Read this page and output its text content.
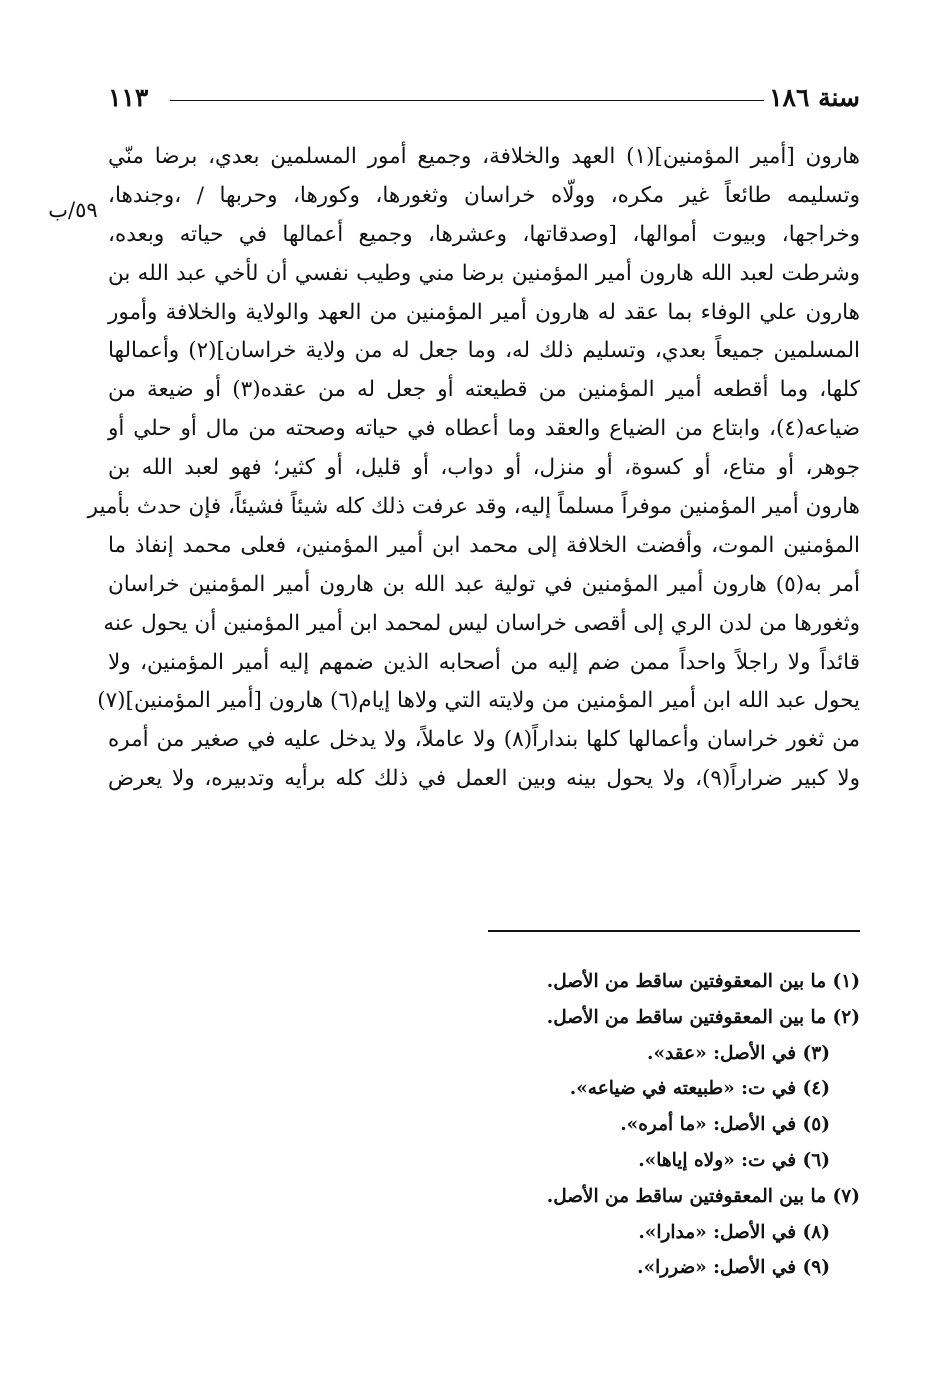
سنة ١٨٦
١١٣
٥٩/ب
هارون [أمير المؤمنين](١) العهد والخلافة، وجميع أمور المسلمين بعدي، برضا منّي
وتسليمه طائعاً غير مكره، وولّاه خراسان وثغورها، وكورها، وحربها / ،وجندها،
وخراجها، وبيوت أموالها، [وصدقاتها، وعشرها، وجميع أعمالها في حياته وبعده،
وشرطت لعبد الله هارون أمير المؤمنين برضا مني وطيب نفسي أن لأخي عبد الله بن
هارون علي الوفاء بما عقد له هارون أمير المؤمنين من العهد والولاية والخلافة وأمور
المسلمين جميعاً بعدي، وتسليم ذلك له، وما جعل له من ولاية خراسان](٢) وأعمالها
كلها، وما أقطعه أمير المؤمنين من قطيعته أو جعل له من عقده(٣) أو ضيعة من
ضياعه(٤)، وابتاع من الضياع والعقد وما أعطاه في حياته وصحته من مال أو حلي أو
جوهر، أو متاع، أو كسوة، أو منزل، أو دواب، أو قليل، أو كثير؛ فهو لعبد الله بن
هارون أمير المؤمنين موفراً مسلماً إليه، وقد عرفت ذلك كله شيئاً فشيئاً، فإن حدث بأمير
المؤمنين الموت، وأفضت الخلافة إلى محمد ابن أمير المؤمنين، فعلى محمد إنفاذ ما
أمر به(٥) هارون أمير المؤمنين في تولية عبد الله بن هارون أمير المؤمنين خراسان
وثغورها من لدن الري إلى أقصى خراسان ليس لمحمد ابن أمير المؤمنين أن يحول عنه
قائداً ولا راجلاً واحداً ممن ضم إليه من أصحابه الذين ضمهم إليه أمير المؤمنين، ولا
يحول عبد الله ابن أمير المؤمنين من ولايته التي ولاها إيام(٦) هارون [أمير المؤمنين](٧)
من ثغور خراسان وأعمالها كلها بنداراً(٨) ولا عاملاً، ولا يدخل عليه في صغير من أمره
ولا كبير ضراراً(٩)، ولا يحول بينه وبين العمل في ذلك كله برأيه وتدبيره، ولا يعرض
(١) ما بين المعقوفتين ساقط من الأصل.
(٢) ما بين المعقوفتين ساقط من الأصل.
(٣) في الأصل: «عقد».
(٤) في ت: «طبيعته في ضياعه».
(٥) في الأصل: «ما أمره».
(٦) في ت: «ولاه إياها».
(٧) ما بين المعقوفتين ساقط من الأصل.
(٨) في الأصل: «مدارا».
(٩) في الأصل: «ضررا».
